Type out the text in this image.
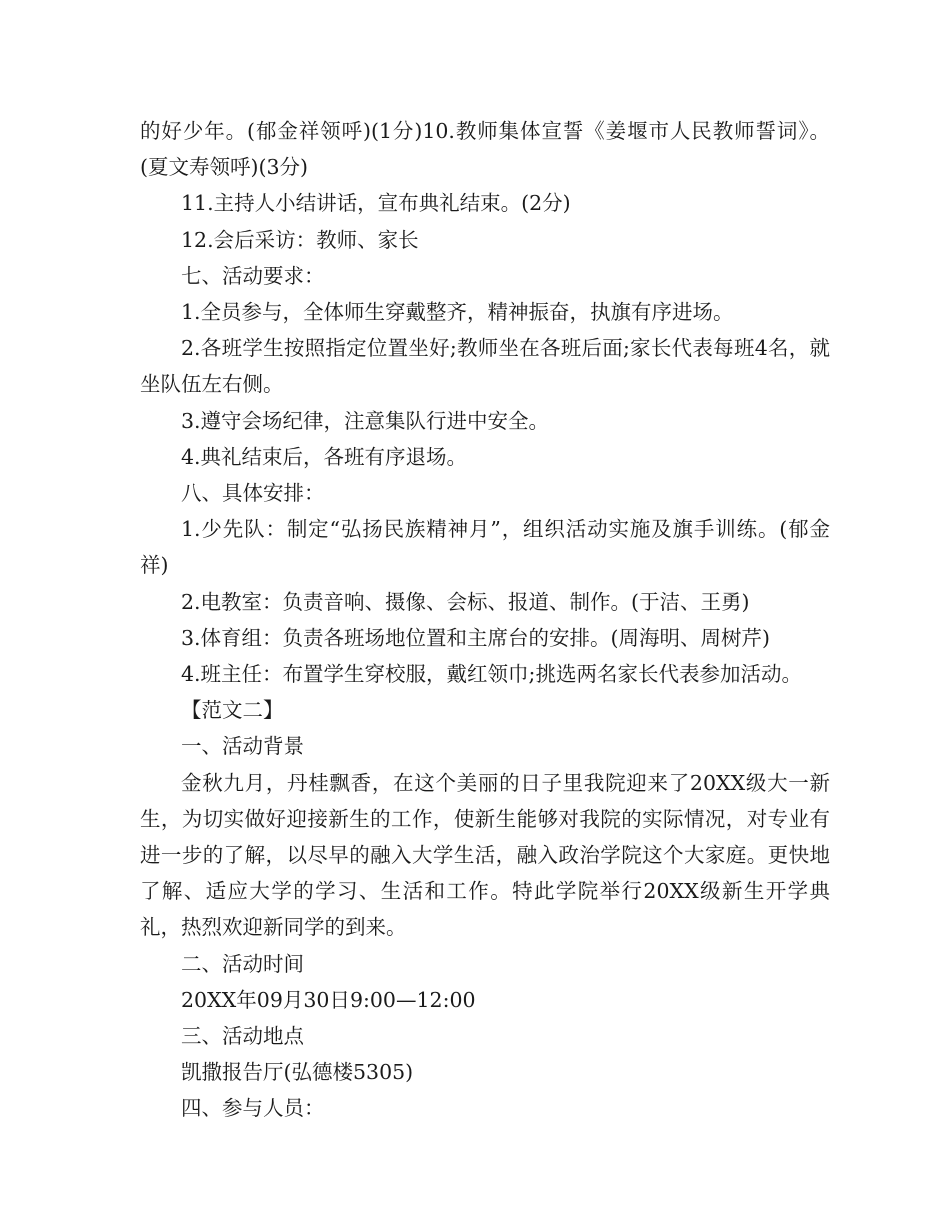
的好少年。(郁金祥领呼)(1分)10.教师集体宣誓《姜堰市人民教师誓词》。(夏文寿领呼)(3分)

11.主持人小结讲话，宣布典礼结束。(2分)

12.会后采访：教师、家长

七、活动要求：

1.全员参与，全体师生穿戴整齐，精神振奋，执旗有序进场。

2.各班学生按照指定位置坐好;教师坐在各班后面;家长代表每班4名，就坐队伍左右侧。

3.遵守会场纪律，注意集队行进中安全。

4.典礼结束后，各班有序退场。

八、具体安排：

1.少先队：制定“弘扬民族精神月”，组织活动实施及旗手训练。(郁金祥)

2.电教室：负责音响、摄像、会标、报道、制作。(于洁、王勇)

3.体育组：负责各班场地位置和主席台的安排。(周海明、周树芹)

4.班主任：布置学生穿校服，戴红领巾;挑选两名家长代表参加活动。

【范文二】

一、活动背景

金秋九月，丹桂飘香，在这个美丽的日子里我院迎来了20XX级大一新生，为切实做好迎接新生的工作，使新生能够对我院的实际情况，对专业有进一步的了解，以尽早的融入大学生活，融入政治学院这个大家庭。更快地了解、适应大学的学习、生活和工作。特此学院举行20XX级新生开学典礼，热烈欢迎新同学的到来。

二、活动时间

20XX年09月30日9:00—12:00

三、活动地点

凯撒报告厅(弘德楼5305)

四、参与人员：
